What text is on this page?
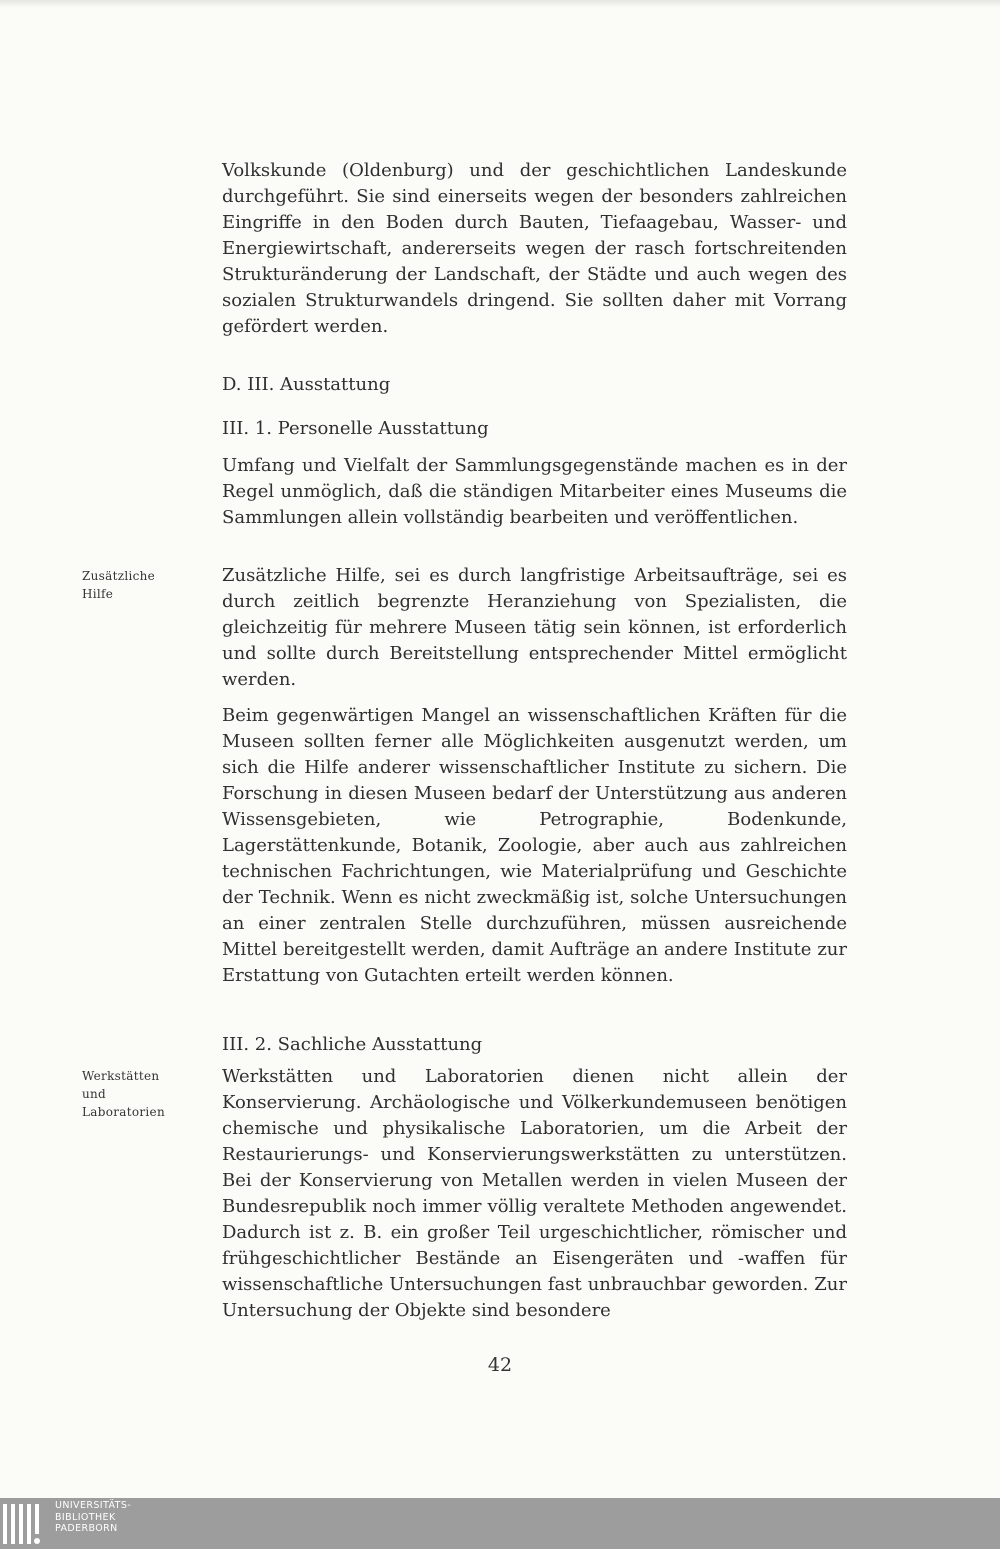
Volkskunde (Oldenburg) und der geschichtlichen Landeskunde durchgeführt. Sie sind einerseits wegen der besonders zahlreichen Eingriffe in den Boden durch Bauten, Tiefaagebau, Wasser- und Energiewirtschaft, andererseits wegen der rasch fortschreitenden Strukturänderung der Landschaft, der Städte und auch wegen des sozialen Strukturwandels dringend. Sie sollten daher mit Vorrang gefördert werden.

D. III. Ausstattung
III. 1. Personelle Ausstattung

Umfang und Vielfalt der Sammlungsgegenstände machen es in der Regel unmöglich, daß die ständigen Mitarbeiter eines Museums die Sammlungen allein vollständig bearbeiten und veröffentlichen.

Zusätzliche
Hilfe

Zusätzliche Hilfe, sei es durch langfristige Arbeitsaufträge, sei es durch zeitlich begrenzte Heranziehung von Spezialisten, die gleichzeitig für mehrere Museen tätig sein können, ist erforderlich und sollte durch Bereitstellung entsprechender Mittel ermöglicht werden.

Beim gegenwärtigen Mangel an wissenschaftlichen Kräften für die Museen sollten ferner alle Möglichkeiten ausgenutzt werden, um sich die Hilfe anderer wissenschaftlicher Institute zu sichern. Die Forschung in diesen Museen bedarf der Unterstützung aus anderen Wissensgebieten, wie Petrographie, Bodenkunde, Lagerstättenkunde, Botanik, Zoologie, aber auch aus zahlreichen technischen Fachrichtungen, wie Materialprüfung und Geschichte der Technik. Wenn es nicht zweckmäßig ist, solche Untersuchungen an einer zentralen Stelle durchzuführen, müssen ausreichende Mittel bereitgestellt werden, damit Aufträge an andere Institute zur Erstattung von Gutachten erteilt werden können.

III. 2. Sachliche Ausstattung
Werkstätten
und
Laboratorien

Werkstätten und Laboratorien dienen nicht allein der Konservierung. Archäologische und Völkerkundemuseen benötigen chemische und physikalische Laboratorien, um die Arbeit der Restaurierungs- und Konservierungswerkstätten zu unterstützen. Bei der Konservierung von Metallen werden in vielen Museen der Bundesrepublik noch immer völlig veraltete Methoden angewendet. Dadurch ist z. B. ein großer Teil urgeschichtlicher, römischer und frühgeschichtlicher Bestände an Eisengeräten und -waffen für wissenschaftliche Untersuchungen fast unbrauchbar geworden. Zur Untersuchung der Objekte sind besondere

42
UNIVERSITÄTS-
BIBLIOTHEK
PADERBORN
